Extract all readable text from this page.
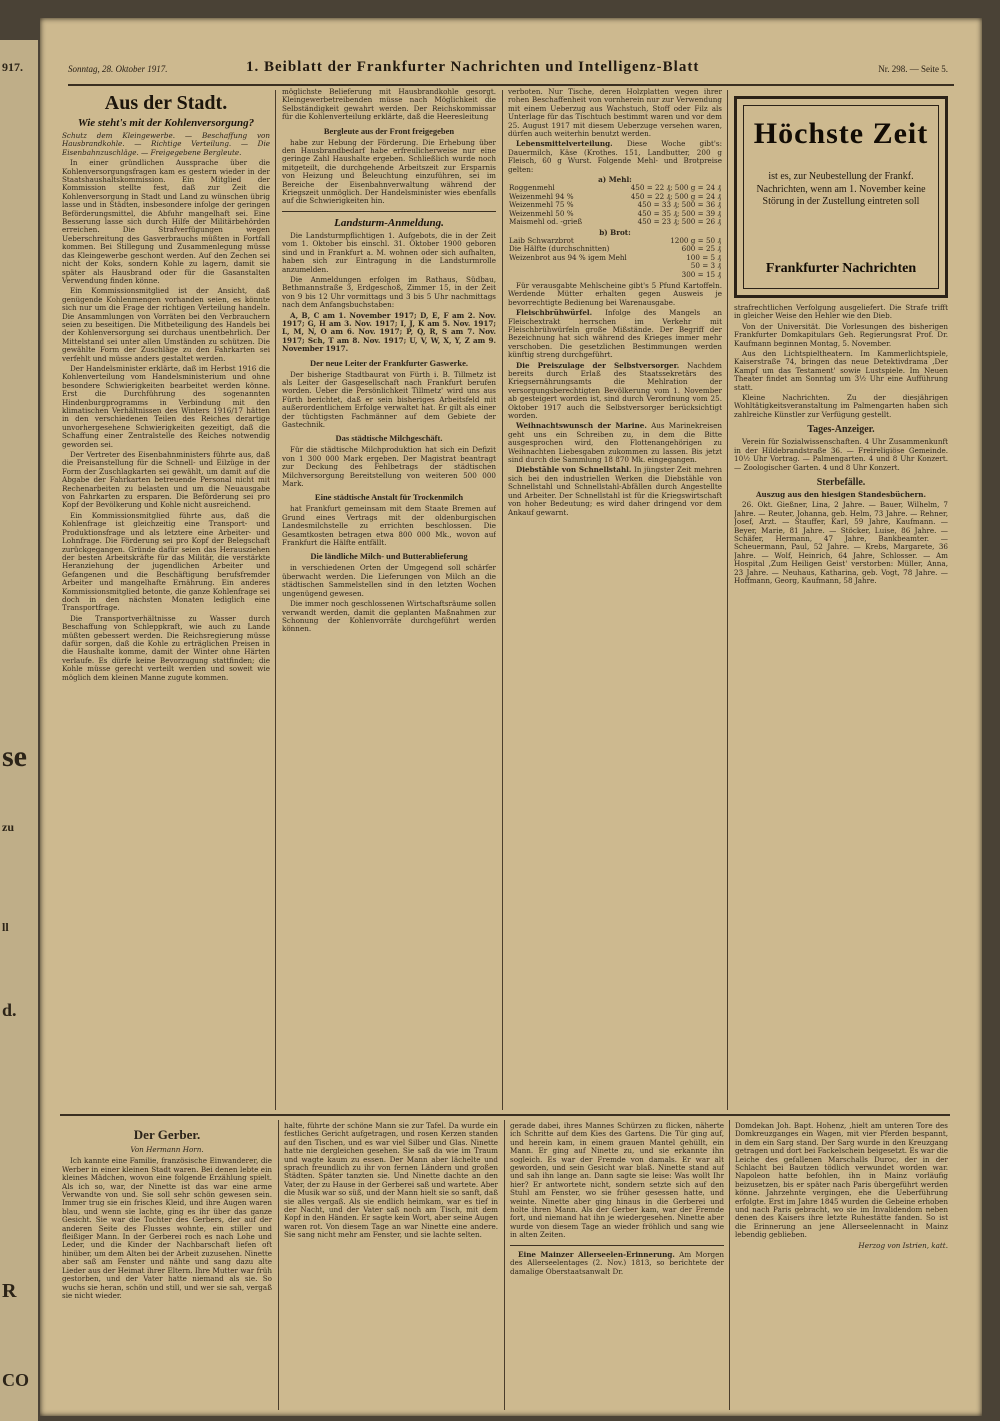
917.
se
zu
ll
d.
R
CO
Sonntag, 28. Oktober 1917.	1. Beiblatt der Frankfurter Nachrichten und Intelligenz-Blatt	Nr. 298. — Seite 5.
Aus der Stadt.
Wie steht's mit der Kohlenversorgung?

Schutz dem Kleingewerbe. — Beschaffung von Hausbrandkohle. — Richtige Verteilung. — Die Eisenbahnzuschläge. — Freigegebene Bergleute.

In einer gründlichen Aussprache über die Kohlenversorgungsfragen kam es gestern wieder in der Staatshaushaltskommission. Ein Mitglied der Kommission stellte fest, daß zur Zeit die Kohlenversorgung in Stadt und Land zu wünschen übrig lasse und in Städten, insbesondere infolge der geringen Beförderungsmittel, die Abfuhr mangelhaft sei. Eine Besserung lasse sich durch Hilfe der Militärbehörden erreichen. Die Strafverfügungen wegen Ueberschreitung des Gasverbrauchs müßten in Fortfall kommen. Bei Stillegung und Zusammenlegung müsse das Kleingewerbe geschont werden. Auf den Zechen sei nicht der Koks, sondern Kohle zu lagern, damit sie später als Hausbrand oder für die Gasanstalten Verwendung finden könne.

Ein Kommissionsmitglied ist der Ansicht, daß genügende Kohlenmengen vorhanden seien, es könnte sich nur um die Frage der richtigen Verteilung handeln. Die Ansammlungen von Vorräten bei den Verbrauchern seien zu beseitigen. Die Mitbeteiligung des Handels bei der Kohlenversorgung sei durchaus unentbehrlich. Der Mittelstand sei unter allen Umständen zu schützen. Die gewählte Form der Zuschläge zu den Fahrkarten sei verfehlt und müsse anders gestaltet werden.

Der Handelsminister erklärte, daß im Herbst 1916 die Kohlenverteilung vom Handelsministerium und ohne besondere Schwierigkeiten bearbeitet werden könne. Erst die Durchführung des sogenannten Hindenburgprogramms in Verbindung mit den klimatischen Verhältnissen des Winters 1916/17 hätten in den verschiedenen Teilen des Reiches derartige unvorhergesehene Schwierigkeiten gezeitigt, daß die Schaffung einer Zentralstelle des Reiches notwendig geworden sei.

Der Vertreter des Eisenbahnministers führte aus, daß die Preisanstellung für die Schnell- und Eilzüge in der Form der Zuschlagkarten sei gewählt, um damit auf die Abgabe der Fahrkarten betreuende Personal nicht mit Rechenarbeiten zu belasten und um die Neuausgabe von Fahrkarten zu ersparen. Die Beförderung sei pro Kopf der Bevölkerung und Kohle nicht ausreichend.

Ein Kommissionsmitglied führte aus, daß die Kohlenfrage ist gleichzeitig eine Transport- und Produktionsfrage und als letztere eine Arbeiter- und Lohnfrage. Die Förderung sei pro Kopf der Belegschaft zurückgegangen. Gründe dafür seien das Herausziehen der besten Arbeitskräfte für das Militär, die verstärkte Heranziehung der jugendlichen Arbeiter und Gefangenen und die Beschäftigung berufsfremder Arbeiter und mangelhafte Ernährung. Ein anderes Kommissionsmitglied betonte, die ganze Kohlenfrage sei doch in den nächsten Monaten lediglich eine Transportfrage.

Die Transportverhältnisse zu Wasser durch Beschaffung von Schleppkraft, wie auch zu Lande müßten gebessert werden. Die Reichsregierung müsse dafür sorgen, daß die Kohle zu erträglichen Preisen in die Haushalte komme, damit der Winter ohne Härten verlaufe. Es dürfe keine Bevorzugung stattfinden; die Kohle müsse gerecht verteilt werden und soweit wie möglich dem kleinen Manne zugute kommen.

möglichste Belieferung mit Hausbrandkohle gesorgt. Kleingewerbetreibenden müsse nach Möglichkeit die Selbständigkeit gewahrt werden. Der Reichskommissar für die Kohlenverteilung erklärte, daß die Heeresleitung

Bergleute aus der Front freigegeben

habe zur Hebung der Förderung. Die Erhebung über den Hausbrandbedarf habe erfreulicherweise nur eine geringe Zahl Haushalte ergeben. Schließlich wurde noch mitgeteilt, die durchgehende Arbeitszeit zur Ersparnis von Heizung und Beleuchtung einzuführen, sei im Bereiche der Eisenbahnverwaltung während der Kriegszeit unmöglich. Der Handelsminister wies ebenfalls auf die Schwierigkeiten hin.

Landsturm-Anmeldung.

Die Landsturmpflichtigen 1. Aufgebots, die in der Zeit vom 1. Oktober bis einschl. 31. Oktober 1900 geboren sind und in Frankfurt a. M. wohnen oder sich aufhalten, haben sich zur Eintragung in die Landsturmrolle anzumelden.

Die Anmeldungen erfolgen im Rathaus, Südbau, Bethmannstraße 3, Erdgeschoß, Zimmer 15, in der Zeit von 9 bis 12 Uhr vormittags und 3 bis 5 Uhr nachmittags nach dem Anfangsbuchstaben:

A, B, C am 1. November 1917; D, E, F am 2. Nov. 1917; G, H am 3. Nov. 1917; I, J, K am 5. Nov. 1917; L, M, N, O am 6. Nov. 1917; P, Q, R, S am 7. Nov. 1917; Sch, T am 8. Nov. 1917; U, V, W, X, Y, Z am 9. November 1917.

Der neue Leiter der Frankfurter Gaswerke.

Der bisherige Stadtbaurat von Fürth i. B. Tillmetz ist als Leiter der Gasgesellschaft nach Frankfurt berufen worden. Ueber die Persönlichkeit Tillmetz' wird uns aus Fürth berichtet, daß er sein bisheriges Arbeitsfeld mit außerordentlichem Erfolge verwaltet hat. Er gilt als einer der tüchtigsten Fachmänner auf dem Gebiete der Gastechnik.

Das städtische Milchgeschäft.

Für die städtische Milchproduktion hat sich ein Defizit von 1 300 000 Mark ergeben. Der Magistrat beantragt zur Deckung des Fehlbetrags der städtischen Milchversorgung Bereitstellung von weiteren 500 000 Mark.

Eine städtische Anstalt für Trockenmilch

hat Frankfurt gemeinsam mit dem Staate Bremen auf Grund eines Vertrags mit der oldenburgischen Landesmilchstelle zu errichten beschlossen. Die Gesamtkosten betragen etwa 800 000 Mk., wovon auf Frankfurt die Hälfte entfällt.

Die ländliche Milch- und Butterablieferung

in verschiedenen Orten der Umgegend soll schärfer überwacht werden. Die Lieferungen von Milch an die städtischen Sammelstellen sind in den letzten Wochen ungenügend gewesen.

Die immer noch geschlossenen Wirtschaftsräume sollen verwandt werden, damit die geplanten Maßnahmen zur Schonung der Kohlenvorräte durchgeführt werden können.

verboten. Nur Tische, deren Holzplatten wegen ihrer rohen Beschaffenheit von vornherein nur zur Verwendung mit einem Ueberzug aus Wachstuch, Stoff oder Filz als Unterlage für das Tischtuch bestimmt waren und vor dem 25. August 1917 mit diesem Ueberzuge versehen waren, dürfen auch weiterhin benutzt werden.

Lebensmittelverteilung. Diese Woche gibt's: Dauermilch, Käse (Krothes. 151, Landbutter, 200 g Fleisch, 60 g Wurst. Folgende Mehl- und Brotpreise gelten:

a) Mehl:
Roggenmehl	450 = 22 ₰; 500 g = 24 ₰
Weizenmehl 94 %	450 = 22 ₰; 500 g = 24 ₰
Weizenmehl 75 %	450 = 33 ₰; 500 = 36 ₰
Weizenmehl 50 %	450 = 35 ₰; 500 = 39 ₰
Maismehl od. -grieß	450 = 23 ₰; 500 = 26 ₰
b) Brot:
Laib Schwarzbrot	1200 g = 50 ₰
Die Hälfte (durchschnitten)	600 = 25 ₰
Weizenbrot aus 94 % igem Mehl	100 = 5 ₰
	50 = 3 ₰
	300 = 15 ₰

Für verausgabte Mehlscheine gibt's 5 Pfund Kartoffeln. Werdende Mütter erhalten gegen Ausweis je bevorrechtigte Bedienung bei Warenausgabe.

Fleischbrühwürfel. Infolge des Mangels an Fleischextrakt herrschen im Verkehr mit Fleischbrühwürfeln große Mißstände. Der Begriff der Bezeichnung hat sich während des Krieges immer mehr verschoben. Die gesetzlichen Bestimmungen werden künftig streng durchgeführt.

Die Preiszulage der Selbstversorger. Nachdem bereits durch Erlaß des Staatssekretärs des Kriegsernährungsamts die Mehlration der versorgungsberechtigten Bevölkerung vom 1. November ab gesteigert worden ist, sind durch Verordnung vom 25. Oktober 1917 auch die Selbstversorger berücksichtigt worden.

Weihnachtswunsch der Marine. Aus Marinekreisen geht uns ein Schreiben zu, in dem die Bitte ausgesprochen wird, den Flottenangehörigen zu Weihnachten Liebesgaben zukommen zu lassen. Bis jetzt sind durch die Sammlung 18 870 Mk. eingegangen.

Diebstähle von Schnellstahl. In jüngster Zeit mehren sich bei den industriellen Werken die Diebstähle von Schnellstahl und Schnellstahl-Abfällen durch Angestellte und Arbeiter. Der Schnellstahl ist für die Kriegswirtschaft von hoher Bedeutung; es wird daher dringend vor dem Ankauf gewarnt.

Höchste Zeit
ist es, zur Neubestellung der Frankf. Nachrichten, wenn am 1. November keine Störung in der Zustellung eintreten soll
Frankfurter Nachrichten

strafrechtlichen Verfolgung ausgeliefert. Die Strafe trifft in gleicher Weise den Hehler wie den Dieb.

Von der Universität. Die Vorlesungen des bisherigen Frankfurter Domkapitulars Geh. Regierungsrat Prof. Dr. Kaufmann beginnen Montag, 5. November.

Aus den Lichtspieltheatern. Im Kammerlichtspiele, Kaiserstraße 74, bringen das neue Detektivdrama ,Der Kampf um das Testament' sowie Lustspiele. Im Neuen Theater findet am Sonntag um 3½ Uhr eine Aufführung statt.

Kleine Nachrichten. Zu der diesjährigen Wohltätigkeitsveranstaltung im Palmengarten haben sich zahlreiche Künstler zur Verfügung gestellt.

Tages-Anzeiger.

Verein für Sozialwissenschaften. 4 Uhr Zusammenkunft in der Hildebrandstraße 36. — Freireligiöse Gemeinde. 10½ Uhr Vortrag. — Palmengarten. 4 und 8 Uhr Konzert. — Zoologischer Garten. 4 und 8 Uhr Konzert.

Sterbefälle.
Auszug aus den hiesigen Standesbüchern.

26. Okt. Gießner, Lina, 2 Jahre. — Bauer, Wilhelm, 7 Jahre. — Reuter, Johanna, geb. Helm, 73 Jahre. — Rehner, Josef, Arzt. — Stauffer, Karl, 59 Jahre, Kaufmann. — Beyer, Marie, 81 Jahre. — Stöcker, Luise, 86 Jahre. — Schäfer, Hermann, 47 Jahre, Bankbeamter. — Scheuermann, Paul, 52 Jahre. — Krebs, Margarete, 36 Jahre. — Wolf, Heinrich, 64 Jahre, Schlosser. — Am Hospital ,Zum Heiligen Geist' verstorben: Müller, Anna, 23 Jahre. — Neuhaus, Katharina, geb. Vogt, 78 Jahre. — Hoffmann, Georg, Kaufmann, 58 Jahre.

Der Gerber.
Von Hermann Horn.

Ich kannte eine Familie, französische Einwanderer, die Werber in einer kleinen Stadt waren. Bei denen lebte ein kleines Mädchen, wovon eine folgende Erzählung spielt. Als ich so, war, der Ninette ist das war eine arme Verwandte von und. Sie soll sehr schön gewesen sein. Immer trug sie ein frisches Kleid, und ihre Augen waren blau, und wenn sie lachte, ging es ihr über das ganze Gesicht. Sie war die Tochter des Gerbers, der auf der anderen Seite des Flusses wohnte, ein stiller und fleißiger Mann. In der Gerberei roch es nach Lohe und Leder, und die Kinder der Nachbarschaft liefen oft hinüber, um dem Alten bei der Arbeit zuzusehen. Ninette aber saß am Fenster und nähte und sang dazu alte Lieder aus der Heimat ihrer Eltern. Ihre Mutter war früh gestorben, und der Vater hatte niemand als sie. So wuchs sie heran, schön und still, und wer sie sah, vergaß sie nicht wieder.

halte, führte der schöne Mann sie zur Tafel. Da wurde ein festliches Gericht aufgetragen, und rosen Kerzen standen auf den Tischen, und es war viel Silber und Glas. Ninette hatte nie dergleichen gesehen. Sie saß da wie im Traum und wagte kaum zu essen. Der Mann aber lächelte und sprach freundlich zu ihr von fernen Ländern und großen Städten. Später tanzten sie. Und Ninette dachte an den Vater, der zu Hause in der Gerberei saß und wartete. Aber die Musik war so süß, und der Mann hielt sie so sanft, daß sie alles vergaß. Als sie endlich heimkam, war es tief in der Nacht, und der Vater saß noch am Tisch, mit dem Kopf in den Händen. Er sagte kein Wort, aber seine Augen waren rot. Von diesem Tage an war Ninette eine andere. Sie sang nicht mehr am Fenster, und sie lachte selten.

gerade dabei, ihres Mannes Schürzen zu flicken, näherte ich Schritte auf dem Kies des Gartens. Die Tür ging auf, und herein kam, in einem grauen Mantel gehüllt, ein Mann. Er ging auf Ninette zu, und sie erkannte ihn sogleich. Es war der Fremde von damals. Er war alt geworden, und sein Gesicht war blaß. Ninette stand auf und sah ihn lange an. Dann sagte sie leise: Was wollt Ihr hier? Er antwortete nicht, sondern setzte sich auf den Stuhl am Fenster, wo sie früher gesessen hatte, und weinte. Ninette aber ging hinaus in die Gerberei und holte ihren Mann. Als der Gerber kam, war der Fremde fort, und niemand hat ihn je wiedergesehen. Ninette aber wurde von diesem Tage an wieder fröhlich und sang wie in alten Zeiten.

Eine Mainzer Allerseelen-Erinnerung. Am Morgen des Allerseelentages (2. Nov.) 1813, so berichtete der damalige Oberstaatsanwalt Dr.

Domdekan Joh. Bapt. Hohenz, ,hielt am unteren Tore des Domkreuzganges ein Wagen, mit vier Pferden bespannt, in dem ein Sarg stand. Der Sarg wurde in den Kreuzgang getragen und dort bei Fackelschein beigesetzt. Es war die Leiche des gefallenen Marschalls Duroc, der in der Schlacht bei Bautzen tödlich verwundet worden war. Napoleon hatte befohlen, ihn in Mainz vorläufig beizusetzen, bis er später nach Paris übergeführt werden könne. Jahrzehnte vergingen, ehe die Ueberführung erfolgte. Erst im Jahre 1845 wurden die Gebeine erhoben und nach Paris gebracht, wo sie im Invalidendom neben denen des Kaisers ihre letzte Ruhestätte fanden. So ist die Erinnerung an jene Allerseelennacht in Mainz lebendig geblieben.

Herzog von Istrien, katt.
